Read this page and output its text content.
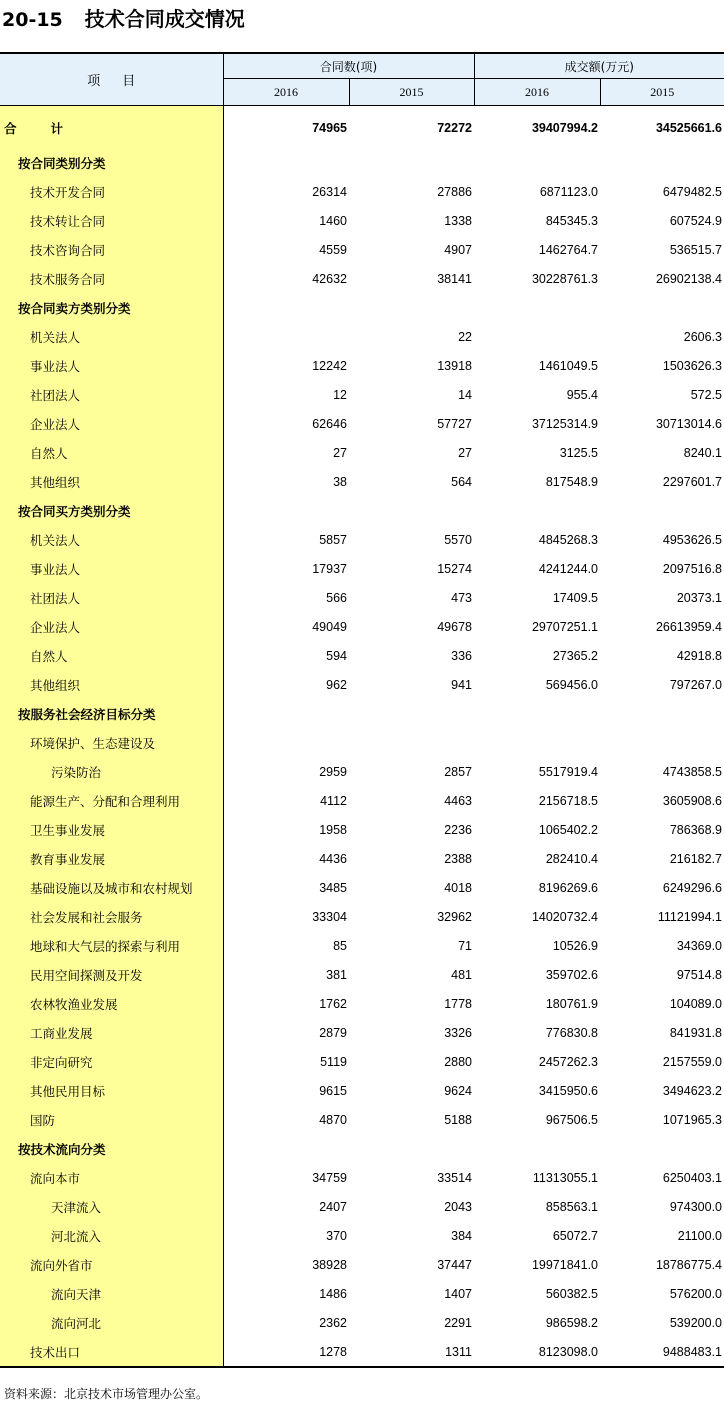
20-15 技术合同成交情况
项 目	合同数(项)		成交额(万元)	
	2016	2015	2016	2015
合 计	74965	72272	39407994.2	34525661.6
按合同类别分类				
技术开发合同	26314	27886	6871123.0	6479482.5
技术转让合同	1460	1338	845345.3	607524.9
技术咨询合同	4559	4907	1462764.7	536515.7
技术服务合同	42632	38141	30228761.3	26902138.4
按合同卖方类别分类				
机关法人		22		2606.3
事业法人	12242	13918	1461049.5	1503626.3
社团法人	12	14	955.4	572.5
企业法人	62646	57727	37125314.9	30713014.6
自然人	27	27	3125.5	8240.1
其他组织	38	564	817548.9	2297601.7
按合同买方类别分类				
机关法人	5857	5570	4845268.3	4953626.5
事业法人	17937	15274	4241244.0	2097516.8
社团法人	566	473	17409.5	20373.1
企业法人	49049	49678	29707251.1	26613959.4
自然人	594	336	27365.2	42918.8
其他组织	962	941	569456.0	797267.0
按服务社会经济目标分类				
环境保护、生态建设及				
污染防治	2959	2857	5517919.4	4743858.5
能源生产、分配和合理利用	4112	4463	2156718.5	3605908.6
卫生事业发展	1958	2236	1065402.2	786368.9
教育事业发展	4436	2388	282410.4	216182.7
基础设施以及城市和农村规划	3485	4018	8196269.6	6249296.6
社会发展和社会服务	33304	32962	14020732.4	11121994.1
地球和大气层的探索与利用	85	71	10526.9	34369.0
民用空间探测及开发	381	481	359702.6	97514.8
农林牧渔业发展	1762	1778	180761.9	104089.0
工商业发展	2879	3326	776830.8	841931.8
非定向研究	5119	2880	2457262.3	2157559.0
其他民用目标	9615	9624	3415950.6	3494623.2
国防	4870	5188	967506.5	1071965.3
按技术流向分类				
流向本市	34759	33514	11313055.1	6250403.1
天津流入	2407	2043	858563.1	974300.0
河北流入	370	384	65072.7	21100.0
流向外省市	38928	37447	19971841.0	18786775.4
流向天津	1486	1407	560382.5	576200.0
流向河北	2362	2291	986598.2	539200.0
技术出口	1278	1311	8123098.0	9488483.1
资料来源：北京技术市场管理办公室。
